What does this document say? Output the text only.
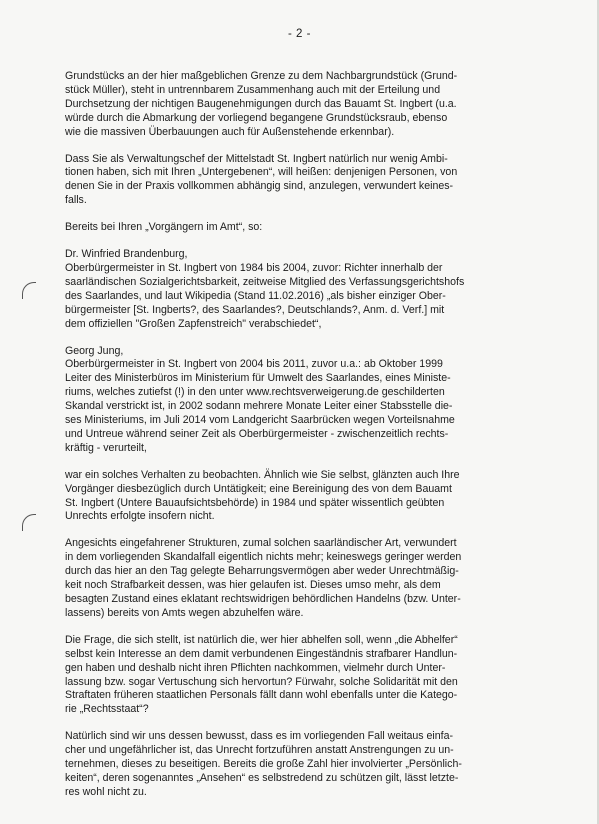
- 2 -

Grundstücks an der hier maßgeblichen Grenze zu dem Nachbargrundstück (Grund-
stück Müller), steht in untrennbarem Zusammenhang auch mit der Erteilung und
Durchsetzung der nichtigen Baugenehmigungen durch das Bauamt St. Ingbert (u.a.
würde durch die Abmarkung der vorliegend begangene Grundstücksraub, ebenso
wie die massiven Überbauungen auch für Außenstehende erkennbar).

Dass Sie als Verwaltungschef der Mittelstadt St. Ingbert natürlich nur wenig Ambi-
tionen haben, sich mit Ihren „Untergebenen“, will heißen: denjenigen Personen, von
denen Sie in der Praxis vollkommen abhängig sind, anzulegen, verwundert keines-
falls.

Bereits bei Ihren „Vorgängern im Amt“, so:

Dr. Winfried Brandenburg,
Oberbürgermeister in St. Ingbert von 1984 bis 2004, zuvor: Richter innerhalb der
saarländischen Sozialgerichtsbarkeit, zeitweise Mitglied des Verfassungsgerichtshofs
des Saarlandes, und laut Wikipedia (Stand 11.02.2016) „als bisher einziger Ober-
bürgermeister [St. Ingberts?, des Saarlandes?, Deutschlands?, Anm. d. Verf.] mit
dem offiziellen "Großen Zapfenstreich" verabschiedet“,

Georg Jung,
Oberbürgermeister in St. Ingbert von 2004 bis 2011, zuvor u.a.: ab Oktober 1999
Leiter des Ministerbüros im Ministerium für Umwelt des Saarlandes, eines Ministe-
riums, welches zutiefst (!) in den unter www.rechtsverweigerung.de geschilderten
Skandal verstrickt ist, in 2002 sodann mehrere Monate Leiter einer Stabsstelle die-
ses Ministeriums, im Juli 2014 vom Landgericht Saarbrücken wegen Vorteilsnahme
und Untreue während seiner Zeit als Oberbürgermeister - zwischenzeitlich rechts-
kräftig - verurteilt,

war ein solches Verhalten zu beobachten. Ähnlich wie Sie selbst, glänzten auch Ihre
Vorgänger diesbezüglich durch Untätigkeit; eine Bereinigung des von dem Bauamt
St. Ingbert (Untere Bauaufsichtsbehörde) in 1984 und später wissentlich geübten
Unrechts erfolgte insofern nicht.

Angesichts eingefahrener Strukturen, zumal solchen saarländischer Art, verwundert
in dem vorliegenden Skandalfall eigentlich nichts mehr; keineswegs geringer werden
durch das hier an den Tag gelegte Beharrungsvermögen aber weder Unrechtmäßig-
keit noch Strafbarkeit dessen, was hier gelaufen ist. Dieses umso mehr, als dem
besagten Zustand eines eklatant rechtswidrigen behördlichen Handelns (bzw. Unter-
lassens) bereits von Amts wegen abzuhelfen wäre.

Die Frage, die sich stellt, ist natürlich die, wer hier abhelfen soll, wenn „die Abhelfer“
selbst kein Interesse an dem damit verbundenen Eingeständnis strafbarer Handlun-
gen haben und deshalb nicht ihren Pflichten nachkommen, vielmehr durch Unter-
lassung bzw. sogar Vertuschung sich hervortun? Fürwahr, solche Solidarität mit den
Straftaten früheren staatlichen Personals fällt dann wohl ebenfalls unter die Katego-
rie „Rechtsstaat“?

Natürlich sind wir uns dessen bewusst, dass es im vorliegenden Fall weitaus einfa-
cher und ungefährlicher ist, das Unrecht fortzuführen anstatt Anstrengungen zu un-
ternehmen, dieses zu beseitigen. Bereits die große Zahl hier involvierter „Persönlich-
keiten“, deren sogenanntes „Ansehen“ es selbstredend zu schützen gilt, lässt letzte-
res wohl nicht zu.
